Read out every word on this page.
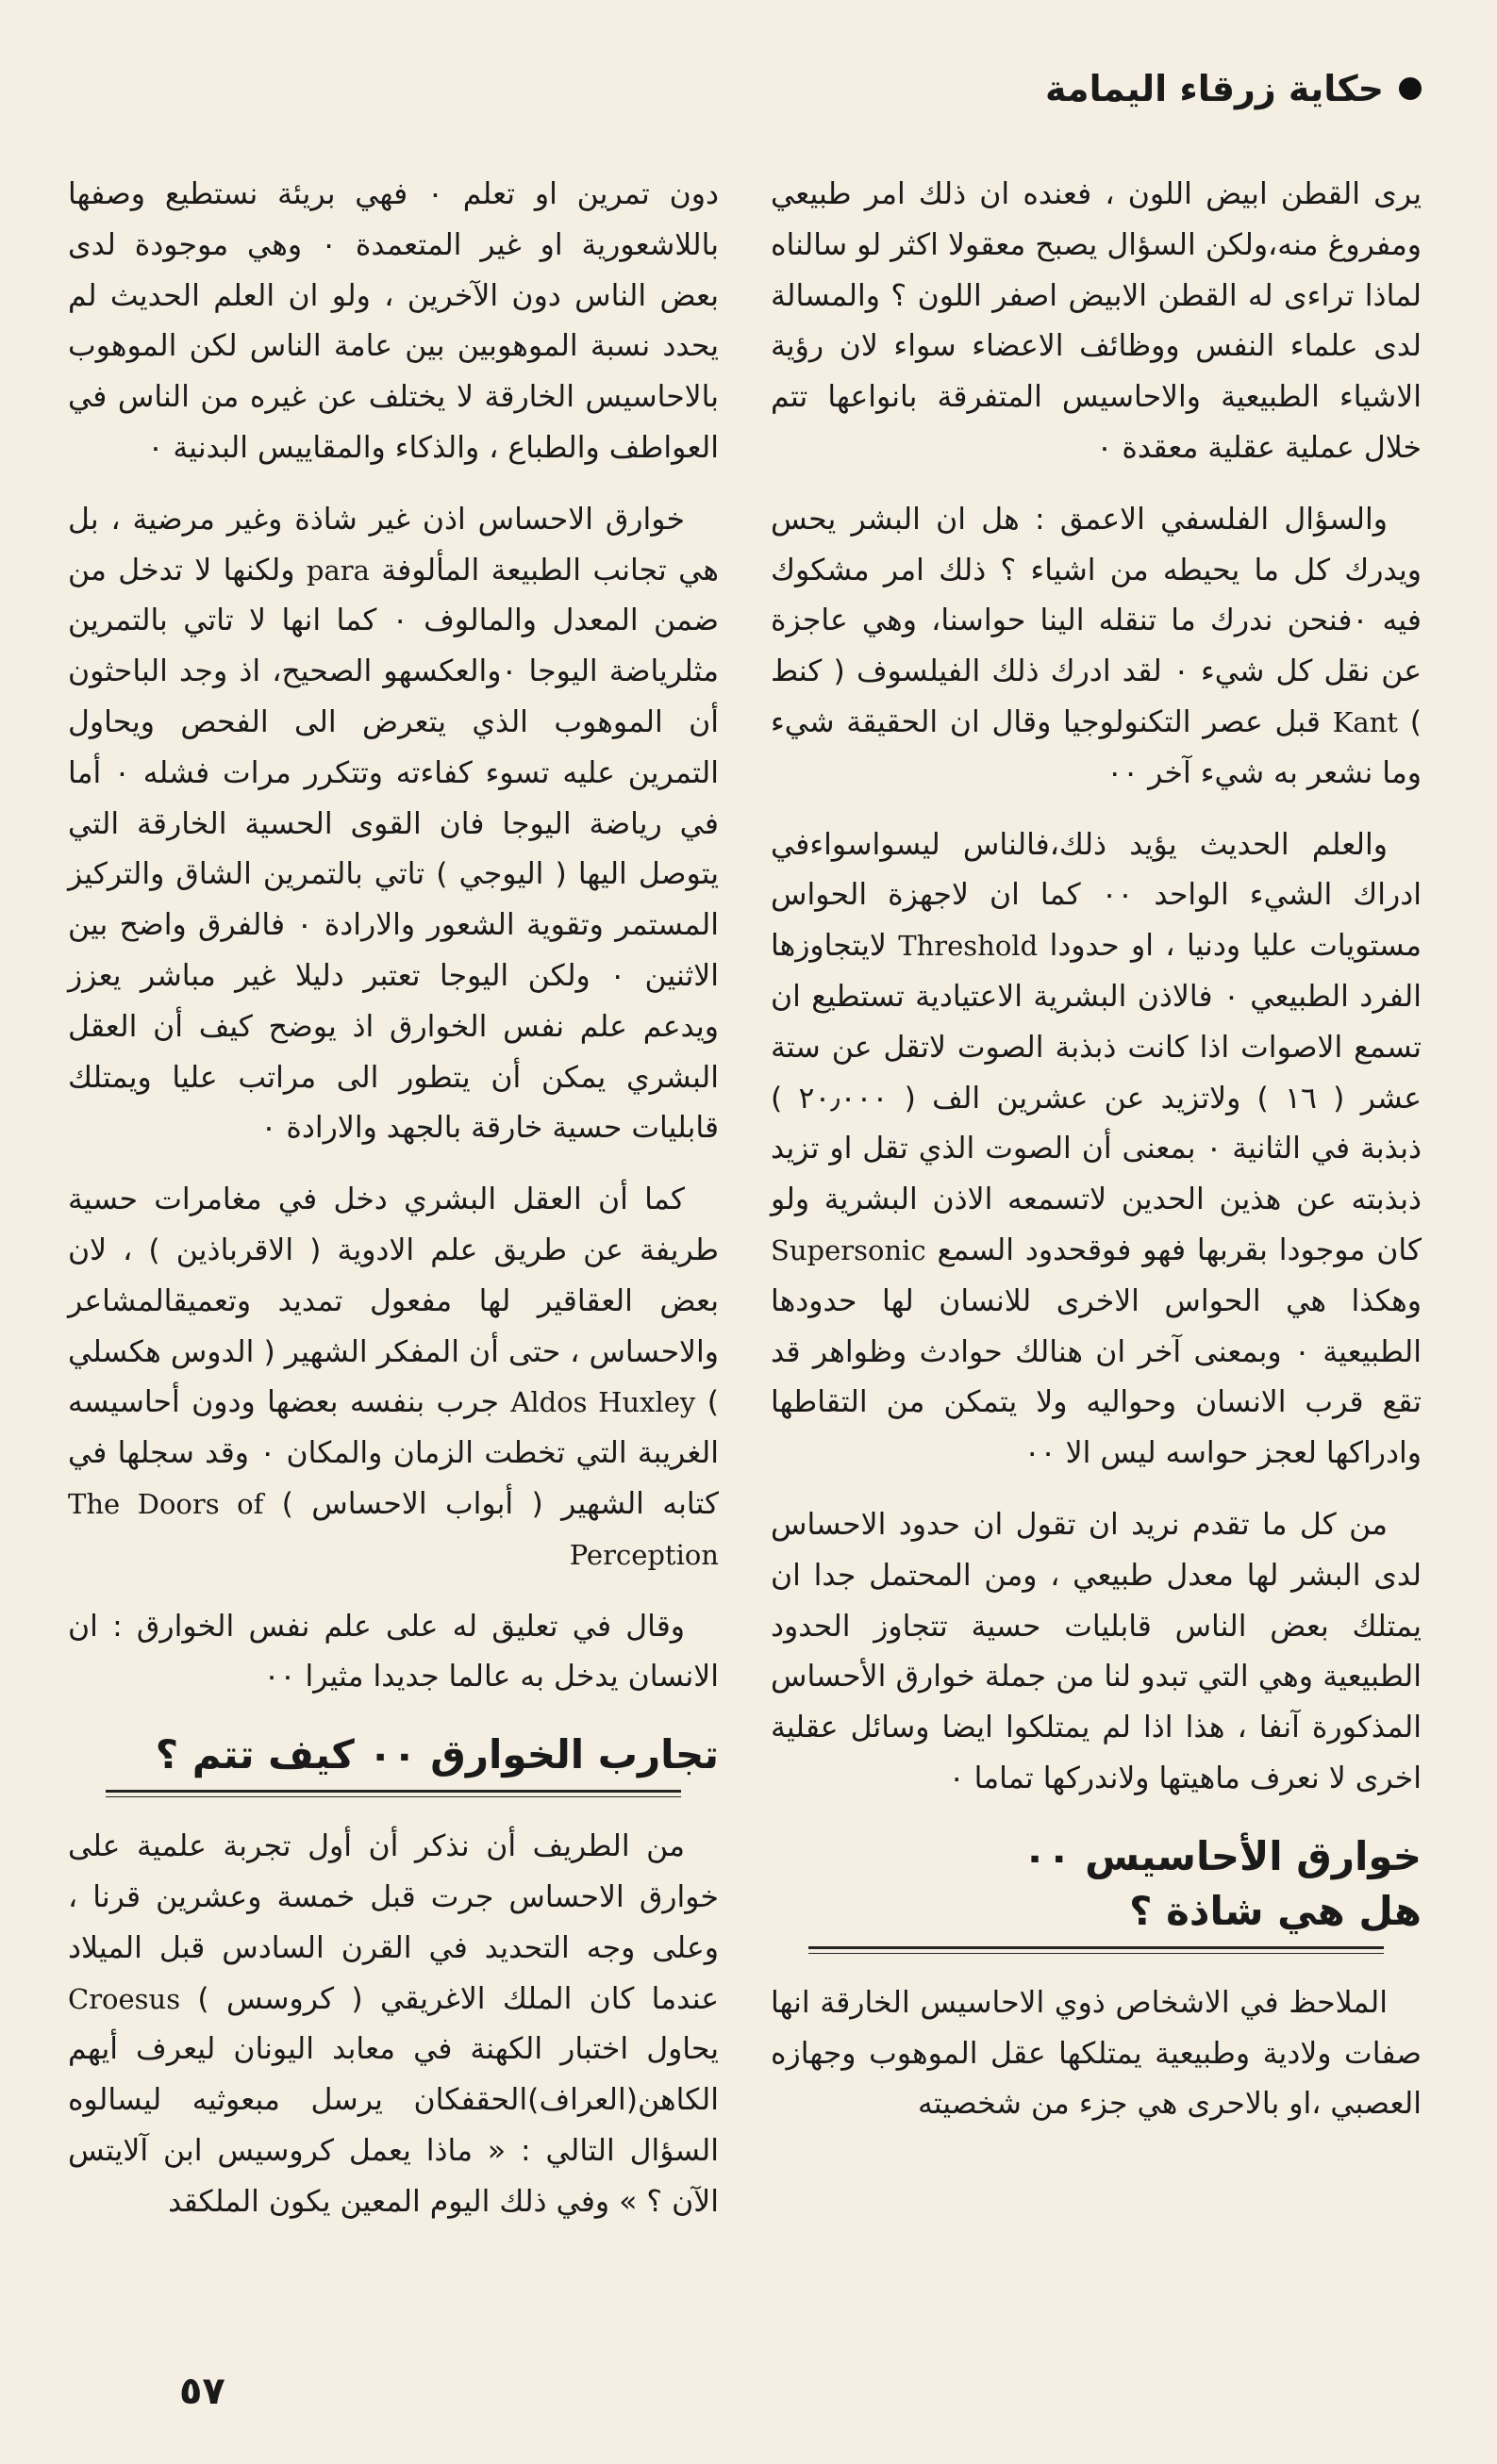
حكاية زرقاء اليمامة

يرى القطن ابيض اللون ، فعنده ان ذلك امر طبيعي ومفروغ منه،ولكن السؤال يصبح معقولا اكثر لو سالناه لماذا تراءى له القطن الابيض اصفر اللون ؟ والمسالة لدى علماء النفس ووظائف الاعضاء سواء لان رؤية الاشياء الطبيعية والاحاسيس المتفرقة بانواعها تتم خلال عملية عقلية معقدة ٠

والسؤال الفلسفي الاعمق : هل ان البشر يحس ويدرك كل ما يحيطه من اشياء ؟ ذلك امر مشكوك فيه ٠فنحن ندرك ما تنقله الينا حواسنا، وهي عاجزة عن نقل كل شيء ٠ لقد ادرك ذلك الفيلسوف ( كنط ) Kant قبل عصر التكنولوجيا وقال ان الحقيقة شيء وما نشعر به شيء آخر ٠٠

والعلم الحديث يؤيد ذلك،فالناس ليسواسواءفي ادراك الشيء الواحد ٠٠ كما ان لاجهزة الحواس مستويات عليا ودنيا ، او حدودا Threshold لايتجاوزها الفرد الطبيعي ٠ فالاذن البشرية الاعتيادية تستطيع ان تسمع الاصوات اذا كانت ذبذبة الصوت لاتقل عن ستة عشر ( ١٦ ) ولاتزيد عن عشرين الف ( ٢٠٫٠٠٠ ) ذبذبة في الثانية ٠ بمعنى أن الصوت الذي تقل او تزيد ذبذبته عن هذين الحدين لاتسمعه الاذن البشرية ولو كان موجودا بقربها فهو فوقحدود السمع Supersonic وهكذا هي الحواس الاخرى للانسان لها حدودها الطبيعية ٠ وبمعنى آخر ان هنالك حوادث وظواهر قد تقع قرب الانسان وحواليه ولا يتمكن من التقاطها وادراكها لعجز حواسه ليس الا ٠٠

من كل ما تقدم نريد ان تقول ان حدود الاحساس لدى البشر لها معدل طبيعي ، ومن المحتمل جدا ان يمتلك بعض الناس قابليات حسية تتجاوز الحدود الطبيعية وهي التي تبدو لنا من جملة خوارق الأحساس المذكورة آنفا ، هذا اذا لم يمتلكوا ايضا وسائل عقلية اخرى لا نعرف ماهيتها ولاندركها تماما ٠

خوارق الأحاسيس ٠٠
هل هي شاذة ؟

الملاحظ في الاشخاص ذوي الاحاسيس الخارقة انها صفات ولادية وطبيعية يمتلكها عقل الموهوب وجهازه العصبي ،او بالاحرى هي جزء من شخصيته

دون تمرين او تعلم ٠ فهي بريئة نستطيع وصفها باللاشعورية او غير المتعمدة ٠ وهي موجودة لدى بعض الناس دون الآخرين ، ولو ان العلم الحديث لم يحدد نسبة الموهوبين بين عامة الناس لكن الموهوب بالاحاسيس الخارقة لا يختلف عن غيره من الناس في العواطف والطباع ، والذكاء والمقاييس البدنية ٠

خوارق الاحساس اذن غير شاذة وغير مرضية ، بل هي تجانب الطبيعة المألوفة para ولكنها لا تدخل من ضمن المعدل والمالوف ٠ كما انها لا تاتي بالتمرين مثلرياضة اليوجا ٠والعكسهو الصحيح، اذ وجد الباحثون أن الموهوب الذي يتعرض الى الفحص ويحاول التمرين عليه تسوء كفاءته وتتكرر مرات فشله ٠ أما في رياضة اليوجا فان القوى الحسية الخارقة التي يتوصل اليها ( اليوجي ) تاتي بالتمرين الشاق والتركيز المستمر وتقوية الشعور والارادة ٠ فالفرق واضح بين الاثنين ٠ ولكن اليوجا تعتبر دليلا غير مباشر يعزز ويدعم علم نفس الخوارق اذ يوضح كيف أن العقل البشري يمكن أن يتطور الى مراتب عليا ويمتلك قابليات حسية خارقة بالجهد والارادة ٠

كما أن العقل البشري دخل في مغامرات حسية طريفة عن طريق علم الادوية ( الاقرباذين ) ، لان بعض العقاقير لها مفعول تمديد وتعميقالمشاعر والاحساس ، حتى أن المفكر الشهير ( الدوس هكسلي ) Aldos Huxley جرب بنفسه بعضها ودون أحاسيسه الغريبة التي تخطت الزمان والمكان ٠ وقد سجلها في كتابه الشهير ( أبواب الاحساس ) The Doors of Perception

وقال في تعليق له على علم نفس الخوارق : ان الانسان يدخل به عالما جديدا مثيرا ٠٠

تجارب الخوارق ٠٠ كيف تتم ؟

من الطريف أن نذكر أن أول تجربة علمية على خوارق الاحساس جرت قبل خمسة وعشرين قرنا ، وعلى وجه التحديد في القرن السادس قبل الميلاد عندما كان الملك الاغريقي ( كروسس ) Croesus يحاول اختبار الكهنة في معابد اليونان ليعرف أيهم الكاهن(العراف)الحقفكان يرسل مبعوثيه ليسالوه السؤال التالي : « ماذا يعمل كروسيس ابن آلايتس الآن ؟ » وفي ذلك اليوم المعين يكون الملكقد

٥٧
